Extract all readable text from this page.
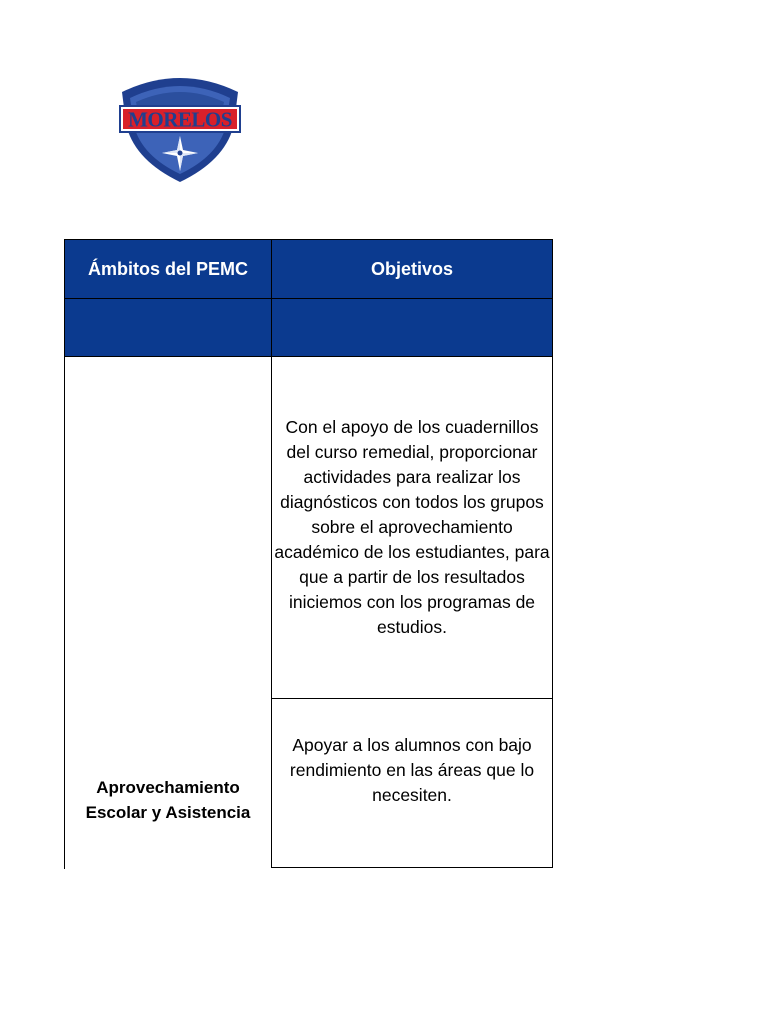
MORELOS
Ámbitos del PEMC	Objetivos
Aprovechamiento Escolar y Asistencia
Con el apoyo de los cuadernillos del curso remedial, proporcionar actividades para realizar los diagnósticos con todos los grupos sobre el aprovechamiento académico de los estudiantes, para que a partir de los resultados iniciemos con los programas de estudios.
Apoyar a los alumnos con bajo rendimiento en las áreas que lo necesiten.
